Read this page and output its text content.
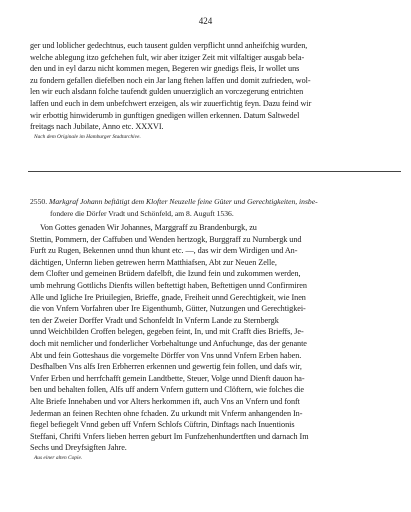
424
ger und loblicher gedechtnus, euch tausent gulden verpflicht unnd anheifchig wurden,
welche ablegung itzo gefchehen fult, wir aber itziger Zeit mit vilfaltiger ausgab bela-
den und in eyl darzu nicht kommen megen, Begeren wir gnedigs fleis, Ir wollet uns
zu fondern gefallen diefelben noch ein Jar lang ftehen laffen und domit zufrieden, wol-
len wir euch alsdann folche taufendt gulden unuerziglich an vorczegerung entrichten
laffen und euch in dem unbefchwert erzeigen, als wir zuuerfichtig feyn. Dazu feind wir
wir erbottig hinwiderumb in gunftigen gnedigen willen erkennen. Datum Saltwedel
freitags nach Jubilate, Anno etc. XXXVI.
Nach dem Originale im Hamburger Stadtarchive.
2550. Markgraf Johann beftätigt dem Klofter Neuzelle feine Güter und Gerechtigkeiten, insbe-
fondere die Dörfer Vradt und Schönfeld, am 8. Auguft 1536.
Von Gottes genaden Wir Johannes, Marggraff zu Brandenburgk, zu
Stettin, Pommern, der Caffuben und Wenden hertzogk, Burggraff zu Nurnbergk und
Furft zu Rugen, Bekennen unnd thun khunt etc. —, das wir dem Wirdigen und An-
dächtigen, Unfernn lieben getrewen herrn Matthiafsen, Abt zur Neuen Zelle,
dem Clofter und gemeinen Brüdern dafelbft, die Izund fein und zukommen werden,
umb mehrung Gottlichs Dienfts willen beftettigt haben, Beftettigen unnd Confirmiren
Alle und Igliche Ire Priuilegien, Brieffe, gnade, Freiheit unnd Gerechtigkeit, wie Inen
die von Vnfern Vorfahren uber Ire Eigenthumb, Gütter, Nutzungen und Gerechtigkei-
ten der Zweier Dorffer Vradt und Schonfeldt In Vnferm Lande zu Sternbergk
unnd Weichbilden Croffen belegen, gegeben feint, In, und mit Crafft dies Brieffs, Je-
doch mit nemlicher und fonderlicher Vorbehaltunge und Anfuchunge, das der genante
Abt und fein Gotteshaus die vorgemelte Dörffer von Vns unnd Vnfern Erben haben.
Desfhalben Vns alfs Iren Erbherren erkennen und gewertig fein follen, und dafs wir,
Vnfer Erben und herrfchafft gemein Landtbette, Steuer, Volge unnd Dienft dauon ha-
ben und behalten follen, Alfs uff andern Vnfern guttern und Clöftern, wie folches die
Alte Briefe Innehaben und vor Alters herkommen ift, auch Vns an Vnfern und fonft
Jederman an feinen Rechten ohne fchaden. Zu urkundt mit Vnferm anhangenden In-
fiegel befiegelt Vnnd geben uff Vnfern Schlofs Cüftrin, Dinftags nach Inuentionis
Steffani, Chrifti Vnfers lieben herren geburt Im Funfzehenhundertften und darnach Im
Sechs und Dreyfsigften Jahre.
Aus einer alten Copie.
